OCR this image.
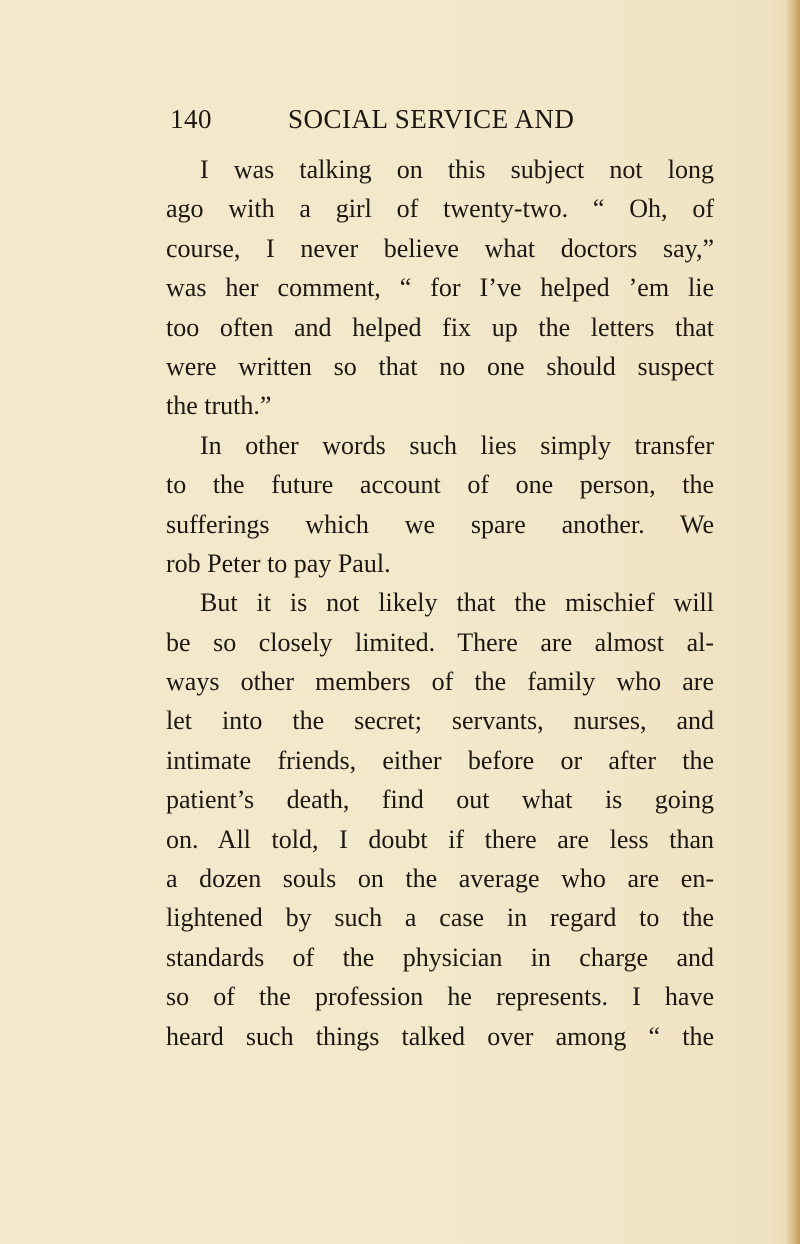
140	SOCIAL SERVICE AND
I was talking on this subject not long
ago with a girl of twenty-two. “ Oh, of
course, I never believe what doctors say,”
was her comment, “ for I’ve helped ’em lie
too often and helped fix up the letters that
were written so that no one should suspect
the truth.”
In other words such lies simply transfer
to the future account of one person, the
sufferings which we spare another. We
rob Peter to pay Paul.
But it is not likely that the mischief will
be so closely limited. There are almost al-
ways other members of the family who are
let into the secret; servants, nurses, and
intimate friends, either before or after the
patient’s death, find out what is going
on. All told, I doubt if there are less than
a dozen souls on the average who are en-
lightened by such a case in regard to the
standards of the physician in charge and
so of the profession he represents. I have
heard such things talked over among “ the
